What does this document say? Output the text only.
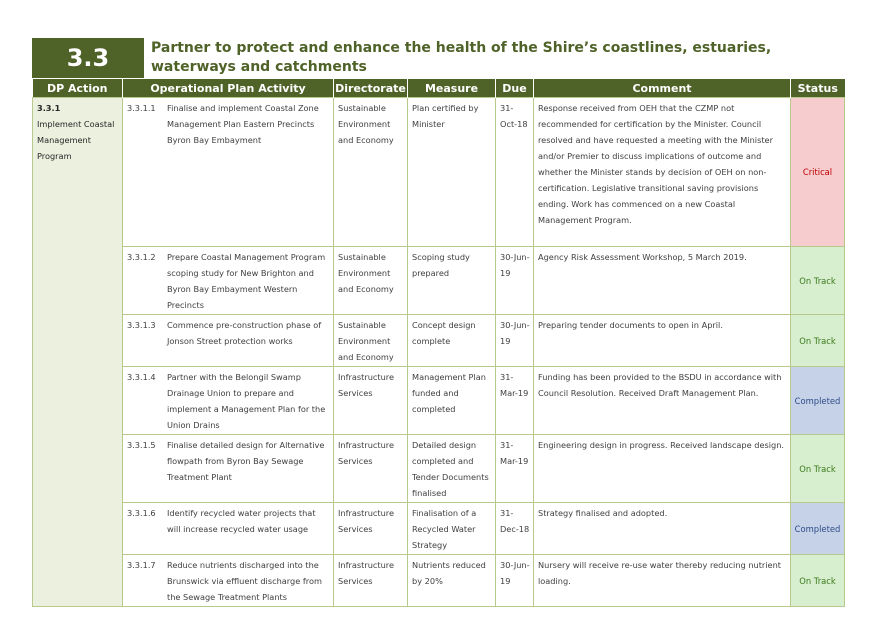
3.3	Partner to protect and enhance the health of the Shire’s coastlines, estuaries, waterways and catchments
DP Action	Operational Plan Activity	Directorate	Measure	Due	Comment	Status

3.3.1
Implement Coastal Management Program	3.3.1.1 Finalise and implement Coastal Zone Management Plan Eastern Precincts Byron Bay Embayment	Sustainable Environment and Economy	Plan certified by Minister	31-Oct-18	Response received from OEH that the CZMP not recommended for certification by the Minister. Council resolved and have requested a meeting with the Minister and/or Premier to discuss implications of outcome and whether the Minister stands by decision of OEH on non-certification. Legislative transitional saving provisions ending. Work has commenced on a new Coastal Management Program.	Critical

	3.3.1.2 Prepare Coastal Management Program scoping study for New Brighton and Byron Bay Embayment Western Precincts	Sustainable Environment and Economy	Scoping study prepared	30-Jun-19	Agency Risk Assessment Workshop, 5 March 2019.	On Track

	3.3.1.3 Commence pre-construction phase of Jonson Street protection works	Sustainable Environment and Economy	Concept design complete	30-Jun-19	Preparing tender documents to open in April.	On Track

	3.3.1.4 Partner with the Belongil Swamp Drainage Union to prepare and implement a Management Plan for the Union Drains	Infrastructure Services	Management Plan funded and completed	31-Mar-19	Funding has been provided to the BSDU in accordance with Council Resolution. Received Draft Management Plan.	Completed

	3.3.1.5 Finalise detailed design for Alternative flowpath from Byron Bay Sewage Treatment Plant	Infrastructure Services	Detailed design completed and Tender Documents finalised	31-Mar-19	Engineering design in progress. Received landscape design.	On Track

	3.3.1.6 Identify recycled water projects that will increase recycled water usage	Infrastructure Services	Finalisation of a Recycled Water Strategy	31-Dec-18	Strategy finalised and adopted.	Completed

	3.3.1.7 Reduce nutrients discharged into the Brunswick via effluent discharge from the Sewage Treatment Plants	Infrastructure Services	Nutrients reduced by 20%	30-Jun-19	Nursery will receive re-use water thereby reducing nutrient loading.	On Track
